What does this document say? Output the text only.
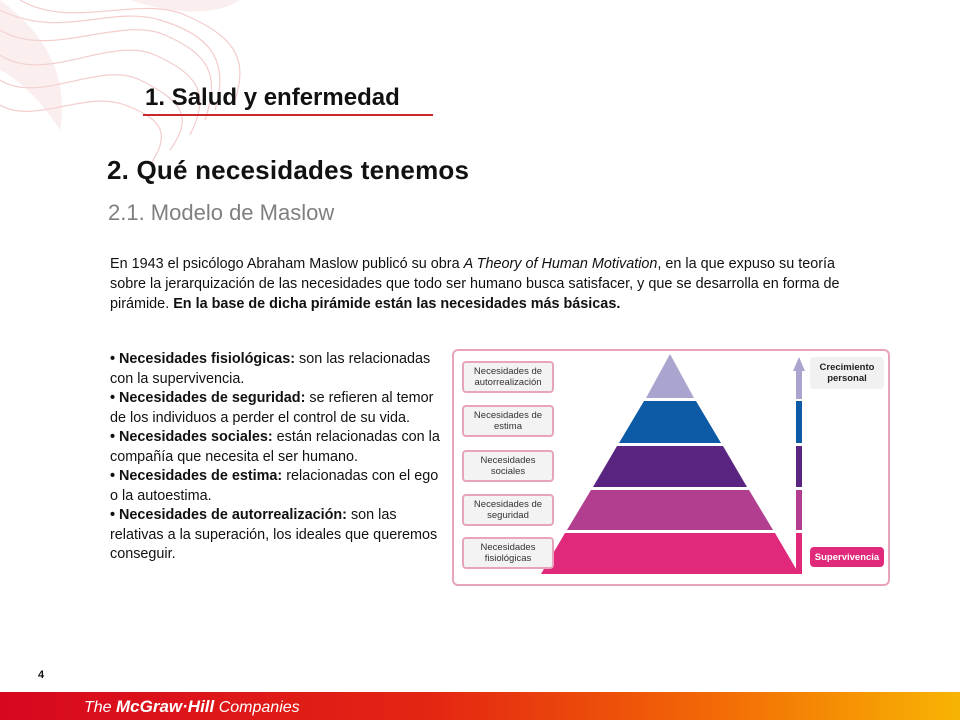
1. Salud y enfermedad
2. Qué necesidades tenemos
2.1. Modelo de Maslow

En 1943 el psicólogo Abraham Maslow publicó su obra A Theory of Human Motivation, en la que expuso su teoría sobre la jerarquización de las necesidades que todo ser humano busca satisfacer, y que se desarrolla en forma de pirámide. En la base de dicha pirámide están las necesidades más básicas.

• Necesidades fisiológicas: son las relacionadas con la supervivencia.
• Necesidades de seguridad: se refieren al temor de los individuos a perder el control de su vida.
• Necesidades sociales: están relacionadas con la compañía que necesita el ser humano.
• Necesidades de estima: relacionadas con el ego o la autoestima.
• Necesidades de autorrealización: son las relativas a la superación, los ideales que queremos conseguir.
Necesidades de autorrealización
Necesidades de estima
Necesidades sociales
Necesidades de seguridad
Necesidades fisiológicas
Crecimiento personal
Supervivencia
4
The McGraw·Hill Companies
